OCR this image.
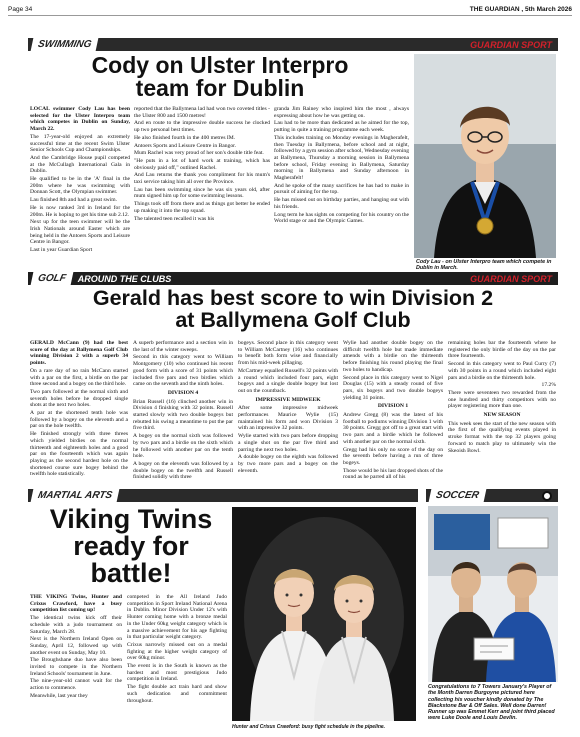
Page 34	THE GUARDIAN , 5th March 2026
SWIMMING	GUARDIAN SPORT
Cody on Ulster Interpro
team for Dublin

LOCAL swimmer Cody Lau has been selected for the Ulster Interpro team which competes in Dublin on Sunday, March 22.

The 17-year-old enjoyed an extremely successful time at the recent Swim Ulster Senior Schools Cup and Championships.

And the Cambridge House pupil competed at the McCullagh International Gala in Dublin.

He qualified to be in the 'A' final in the 200m where he was swimming with Donnan Scott, the Olympian swimmer.

Lau finished 8th and had a great swim.

He is now ranked 3rd in Ireland for the 200m. He is hoping to get his time sub 2.12.

Next up for the teen swimmer will be the Irish Nationals around Easter which are being held in the Antoers Sports and Leisure Centre in Bangor.

Last in year Guardian Sport

reported that the Ballymena lad had won two coveted titles - the Ulster 800 and 1500 metres!

And en route to the impressive double success he clocked up two personal best times.

He also finished fourth in the 400 metres IM.

Antoers Sports and Leisure Centre in Bangor.

Mum Rachel was very proud of her son's double title feat.

"He puts in a lot of hard work at training, which has obviously paid off," outlined Rachel.

And Lau returns the thank you compliment for his mum's taxi service taking him all over the Province.

Lau has been swimming since he was six years old, after mum signed him up for some swimming lessons.

Things took off from there and as things got better he ended up making it into the top squad.

The talented teen recalled it was his

granda Jim Rainey who inspired him the most , always expressing about how he was getting on.

Lau had to be more than dedicated as he aimed for the top, putting in quite a training programme each week.

This includes training on Monday evenings in Magherafelt, then Tuesday in Ballymena, before school and at night, followed by a gym session after school, Wednesday evening at Ballymena, Thursday a morning session in Ballymena before school, Friday evening in Ballymena, Saturday morning in Ballymena and Sunday afternoon in Magherafelt!

And he spoke of the many sacrifices he has had to make in pursuit of aiming for the top.

He has missed out on birthday parties, and hanging out with his friends.

Long term he has sights on competing for his country on the World stage or and the Olympic Games.

Cody Lau - on Ulster Interpro team which compete in Dublin in March.
GOLF	AROUND THE CLUBS	GUARDIAN SPORT
Gerald has best score to win Division 2
at Ballymena Golf Club

GERALD McCann (9) had the best score of the day at Ballymena Golf Club winning Division 2 with a superb 34 points.

On a rare day of no rain McCann started with a par on the first, a birdie on the par three second and a bogey on the third hole.

Two pars followed at the normal sixth and seventh holes before he dropped single shots at the next two holes.

A par at the shortened tenth hole was followed by a bogey on the eleventh and a par on the hole twelfth.

He finished strongly with three threes which yielded birdies on the normal thirteenth and eighteenth holes and a good par on the fourteenth which was again playing as the second hardest hole on the shortened course sure bogey behind the twelfth hole statistically.

A superb performance and a section win in the last of the winter sweeps.

Second in this category went to William Montgomery (10) who continued his recent good form with a score of 31 points which included five pars and two birdies which came on the seventh and the ninth holes.

DIVISION 4

Brian Russell (16) clinched another win in Division 4 finishing with 32 points. Russell started slowly with two double bogeys but rebutted his swing a meantime to put the par five third.

A bogey on the normal sixth was followed by two pars and a birdie on the sixth which he followed with another par on the tenth hole.

A bogey on the eleventh was followed by a double bogey on the twelfth and Russell finished solidly with three

bogeys. Second place in this category went to William McCartney (16) who continues to benefit both form wise and financially from his mid-week pillaging.

McCartney equalled Russell's 32 points with a round which included four pars, eight bogeys and a single double bogey but lost out on the countback.

IMPRESSIVE MIDWEEK

After some impressive midweek performances Maurice Wylie (15) maintained his form and won Division 3 with an impressive 32 points.

Wylie started with two pars before dropping a single shot on the par five third and parring the next two holes.

A double bogey on the eighth was followed by two more pars and a bogey on the eleventh.

Wylie had another double bogey on the difficult twelfth hole but made immediate amends with a birdie on the thirteenth before finishing his round playing the final two holes to handicap.

Second place in this category went to Nigel Douglas (15) with a steady round of five pars, six bogeys and two double bogeys yielding 31 points.

DIVISION 1

Andrew Gregg (8) was the latest of his football to podiums winning Division 1 with 30 points. Gregg got off to a great start with two pars and a birdie which he followed with another par on the normal sixth.

Gregg had his only no score of the day on the seventh before having a run of three bogeys.

Those would be his last dropped shots of the round as he parred all of his

remaining holes bar the fourteenth where he registered the only birdie of the day on the par three fourteenth.

Second in this category went to Paul Curry (7) with 30 points in a round which included eight pars and a birdie on the thirteenth hole.

17.2%

There were seventeen two rewarded from the one hundred and thirty competitors with no player registering more than one.

NEW SEASON

This week sees the start of the new season with the first of the qualifying events played in stroke format with the top 32 players going forward to match play to ultimately win the Skeoish Bowl.

MARTIAL ARTS
Viking Twins
ready for
battle!

THE VIKING Twins, Hunter and Crixus Crawford, have a busy competition list coming up!

The identical twins kick off their schedule with a judo tournament on Saturday, March 28.

Next is the Northern Ireland Open on Sunday, April 12, followed up with another event on Sunday, May 10.

The Broughshane duo have also been invited to compete in the Northern Ireland Schools' tournament in June.

The nine-year-old cannot wait for the action to commence.

Meanwhile, last year they

competed in the All Ireland Judo competition in Sport Ireland National Arena in Dublin. Minor Division Under 12's with Hunter coming home with a bronze medal in the Under 60kg weight category which is a massive achievement for his age fighting in that particular weight category.

Crixus narrowly missed out on a medal fighting at the higher weight category of over 60kg minor.

The event is in the South is known as the hardest and most prestigious Judo competition in Ireland.

The fight double act train hard and show such dedication and commitment throughout.

Hunter and Crixus Crawford: busy fight schedule in the pipeline.
SOCCER
Congratulations to 7 Towers January's Player of the Month Darren Burgoyne pictured here collecting his voucher kindly donated by The Blackstone Bar & Off Sales. Well done Darren! Runner up was Emmet Kerr and joint third placed were Luke Doole and Louis Devlin.
